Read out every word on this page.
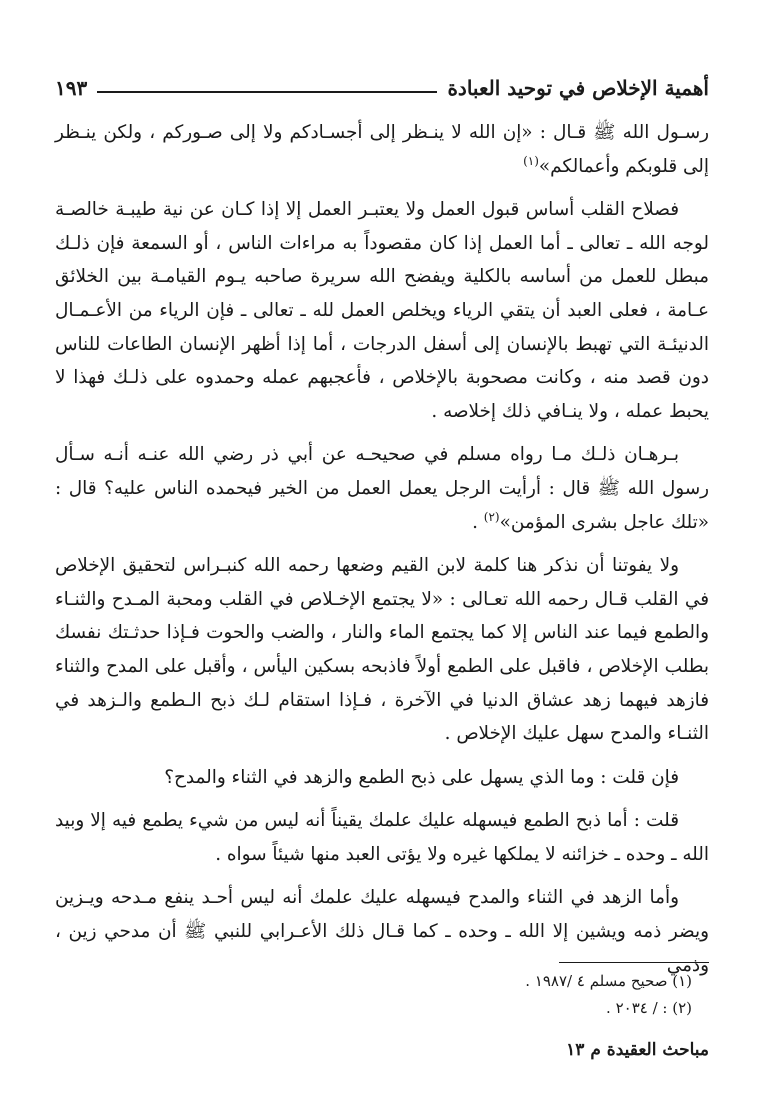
أهمية الإخلاص في توحيد العبادة
١٩٣

رسـول الله ﷺ قـال : «إن الله لا ينـظر إلى أجسـادكم ولا إلى صـوركم ، ولكن ينـظر إلى قلوبكم وأعمالكم»$^{(١)}$

فصلاح القلب أساس قبول العمل ولا يعتبـر العمل إلا إذا كـان عن نية طيبـة خالصـة لوجه الله ـ تعالى ـ أما العمل إذا كان مقصوداً به مراءات الناس ، أو السمعة فإن ذلـك مبطل للعمل من أساسه بالكلية ويفضح الله سريرة صاحبه يـوم القيامـة بين الخلائق عـامة ، فعلى العبد أن يتقي الرياء ويخلص العمل لله ـ تعالى ـ فإن الرياء من الأعـمـال الدنيئـة التي تهبط بالإنسان إلى أسفل الدرجات ، أما إذا أظهر الإنسان الطاعات للناس دون قصد منه ، وكانت مصحوبة بالإخلاص ، فأعجبهم عمله وحمدوه على ذلـك فهذا لا يحبط عمله ، ولا ينـافي ذلك إخلاصه .

بـرهـان ذلـك مـا رواه مسلم في صحيحـه عن أبي ذر رضي الله عنـه أنـه سـأل رسول الله ﷺ قال : أرأيت الرجل يعمل العمل من الخير فيحمده الناس عليه؟ قال : «تلك عاجل بشرى المؤمن»$^{(٢)}$ .

ولا يفوتنا أن نذكر هنا كلمة لابن القيم وضعها رحمه الله كنبـراس لتحقيق الإخلاص في القلب قـال رحمه الله تعـالى : «لا يجتمع الإخـلاص في القلب ومحبة المـدح والثنـاء والطمع فيما عند الناس إلا كما يجتمع الماء والنار ، والضب والحوت فـإذا حدثـتك نفسك بطلب الإخلاص ، فاقبل على الطمع أولاً فاذبحه بسكين اليأس ، وأقبل على المدح والثناء فازهد فيهما زهد عشاق الدنيا في الآخرة ، فـإذا استقام لـك ذبح الـطمع والـزهد في الثنـاء والمدح سهل عليك الإخلاص .

فإن قلت : وما الذي يسهل على ذبح الطمع والزهد في الثناء والمدح؟

قلت : أما ذبح الطمع فيسهله عليك علمك يقيناً أنه ليس من شيء يطمع فيه إلا وبيد الله ـ وحده ـ خزائنه لا يملكها غيره ولا يؤتى العبد منها شيئاً سواه .

وأما الزهد في الثناء والمدح فيسهله عليك علمك أنه ليس أحـد ينفع مـدحه ويـزين ويضر ذمه ويشين إلا الله ـ وحده ـ كما قـال ذلك الأعـرابي للنبي ﷺ أن مدحي زين ، وذمي

(١) صحيح مسلم ٤ /١٩٨٧ .
(٢) : / ٢٠٣٤ .
مباحث العقيدة م ١٣
